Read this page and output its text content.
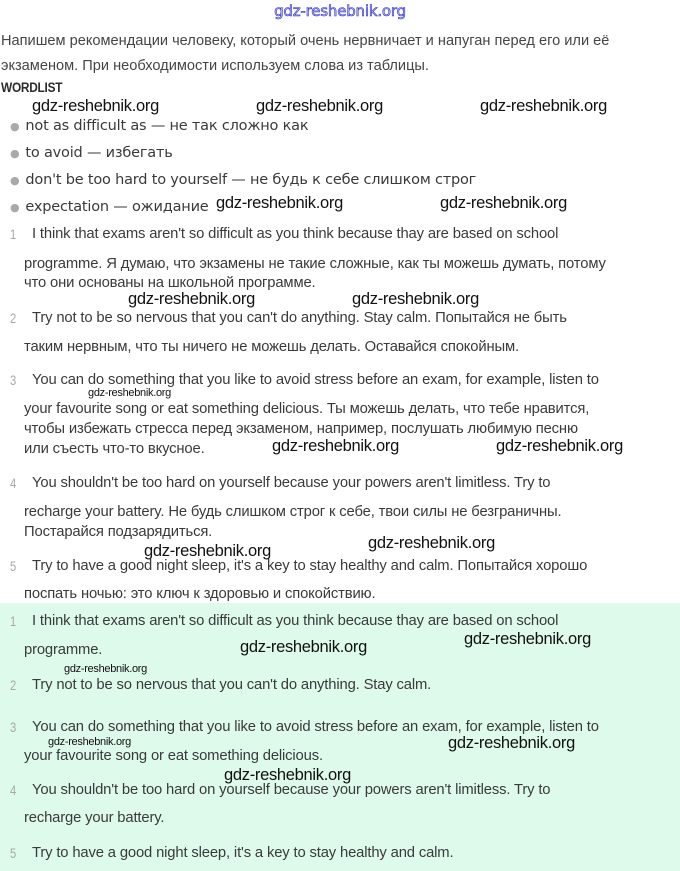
gdz-reshebnik.org
Напишем рекомендации человеку, который очень нервничает и напуган перед его или её экзаменом. При необходимости используем слова из таблицы.
WORDLIST
● not as difficult as — не так сложно как
● to avoid — избегать
● don't be too hard to yourself — не будь к себе слишком строг
● expectation — ожидание
1 I think that exams aren't so difficult as you think because thay are based on school
programme. Я думаю, что экзамены не такие сложные, как ты можешь думать, потому
что они основаны на школьной программе.
2 Try not to be so nervous that you can't do anything. Stay calm. Попытайся не быть
таким нервным, что ты ничего не можешь делать. Оставайся спокойным.
3 You can do something that you like to avoid stress before an exam, for example, listen to
your favourite song or eat something delicious. Ты можешь делать, что тебе нравится,
чтобы избежать стресса перед экзаменом, например, послушать любимую песню
или съесть что-то вкусное.
4 You shouldn't be too hard on yourself because your powers aren't limitless. Try to
recharge your battery. Не будь слишком строг к себе, твои силы не безграничны.
Постарайся подзарядиться.
5 Try to have a good night sleep, it's a key to stay healthy and calm. Попытайся хорошо
поспать ночью: это ключ к здоровью и спокойствию.
1 I think that exams aren't so difficult as you think because thay are based on school
programme.
2 Try not to be so nervous that you can't do anything. Stay calm.
3 You can do something that you like to avoid stress before an exam, for example, listen to
your favourite song or eat something delicious.
4 You shouldn't be too hard on yourself because your powers aren't limitless. Try to
recharge your battery.
5 Try to have a good night sleep, it's a key to stay healthy and calm.
gdz-reshebnik.org	gdz-reshebnik.org	gdz-reshebnik.org
gdz-reshebnik.org	gdz-reshebnik.org
gdz-reshebnik.org	gdz-reshebnik.org
gdz-reshebnik.org
gdz-reshebnik.org	gdz-reshebnik.org
gdz-reshebnik.org	gdz-reshebnik.org
gdz-reshebnik.org	gdz-reshebnik.org
gdz-reshebnik.org
gdz-reshebnik.org	gdz-reshebnik.org
gdz-reshebnik.org
